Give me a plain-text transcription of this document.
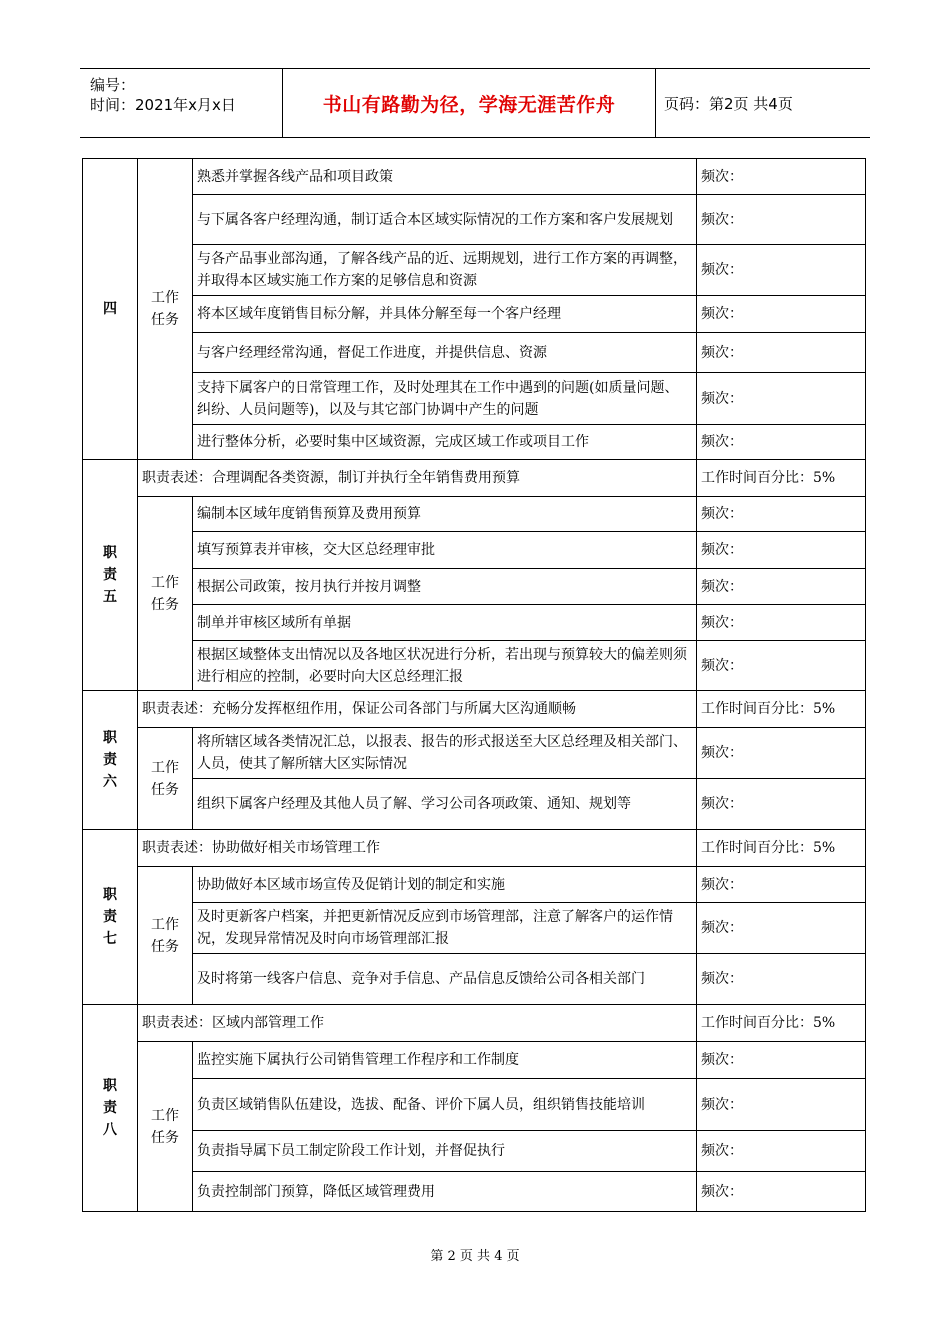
编号：
时间：2021年x月x日	书山有路勤为径，学海无涯苦作舟	页码：第2页 共4页
四	工作任务	熟悉并掌握各线产品和项目政策	频次：
		与下属各客户经理沟通，制订适合本区域实际情况的工作方案和客户发展规划	频次：
		与各产品事业部沟通，了解各线产品的近、远期规划，进行工作方案的再调整，并取得本区域实施工作方案的足够信息和资源	频次：
		将本区域年度销售目标分解，并具体分解至每一个客户经理	频次：
		与客户经理经常沟通，督促工作进度，并提供信息、资源	频次：
		支持下属客户的日常管理工作，及时处理其在工作中遇到的问题(如质量问题、纠纷、人员问题等)，以及与其它部门协调中产生的问题	频次：
		进行整体分析，必要时集中区域资源，完成区域工作或项目工作	频次：

职责五	职责表述：合理调配各类资源，制订并执行全年销售费用预算		工作时间百分比：5%

	工作任务	编制本区域年度销售预算及费用预算	频次：
		填写预算表并审核，交大区总经理审批	频次：
		根据公司政策，按月执行并按月调整	频次：
		制单并审核区域所有单据	频次：
		根据区域整体支出情况以及各地区状况进行分析，若出现与预算较大的偏差则须进行相应的控制，必要时向大区总经理汇报	频次：

职责六	职责表述：充畅分发挥枢纽作用，保证公司各部门与所属大区沟通顺畅		工作时间百分比：5%

	工作任务	将所辖区域各类情况汇总，以报表、报告的形式报送至大区总经理及相关部门、人员，使其了解所辖大区实际情况	频次：
		组织下属客户经理及其他人员了解、学习公司各项政策、通知、规划等	频次：

职责七	职责表述：协助做好相关市场管理工作		工作时间百分比：5%

	工作任务	协助做好本区域市场宣传及促销计划的制定和实施	频次：
		及时更新客户档案，并把更新情况反应到市场管理部，注意了解客户的运作情况，发现异常情况及时向市场管理部汇报	频次：
		及时将第一线客户信息、竞争对手信息、产品信息反馈给公司各相关部门	频次：

职责八	职责表述：区域内部管理工作		工作时间百分比：5%

	工作任务	监控实施下属执行公司销售管理工作程序和工作制度	频次：
		负责区域销售队伍建设，选拔、配备、评价下属人员，组织销售技能培训	频次：
		负责指导属下员工制定阶段工作计划，并督促执行	频次：
		负责控制部门预算，降低区域管理费用	频次：
第 2 页 共 4 页
